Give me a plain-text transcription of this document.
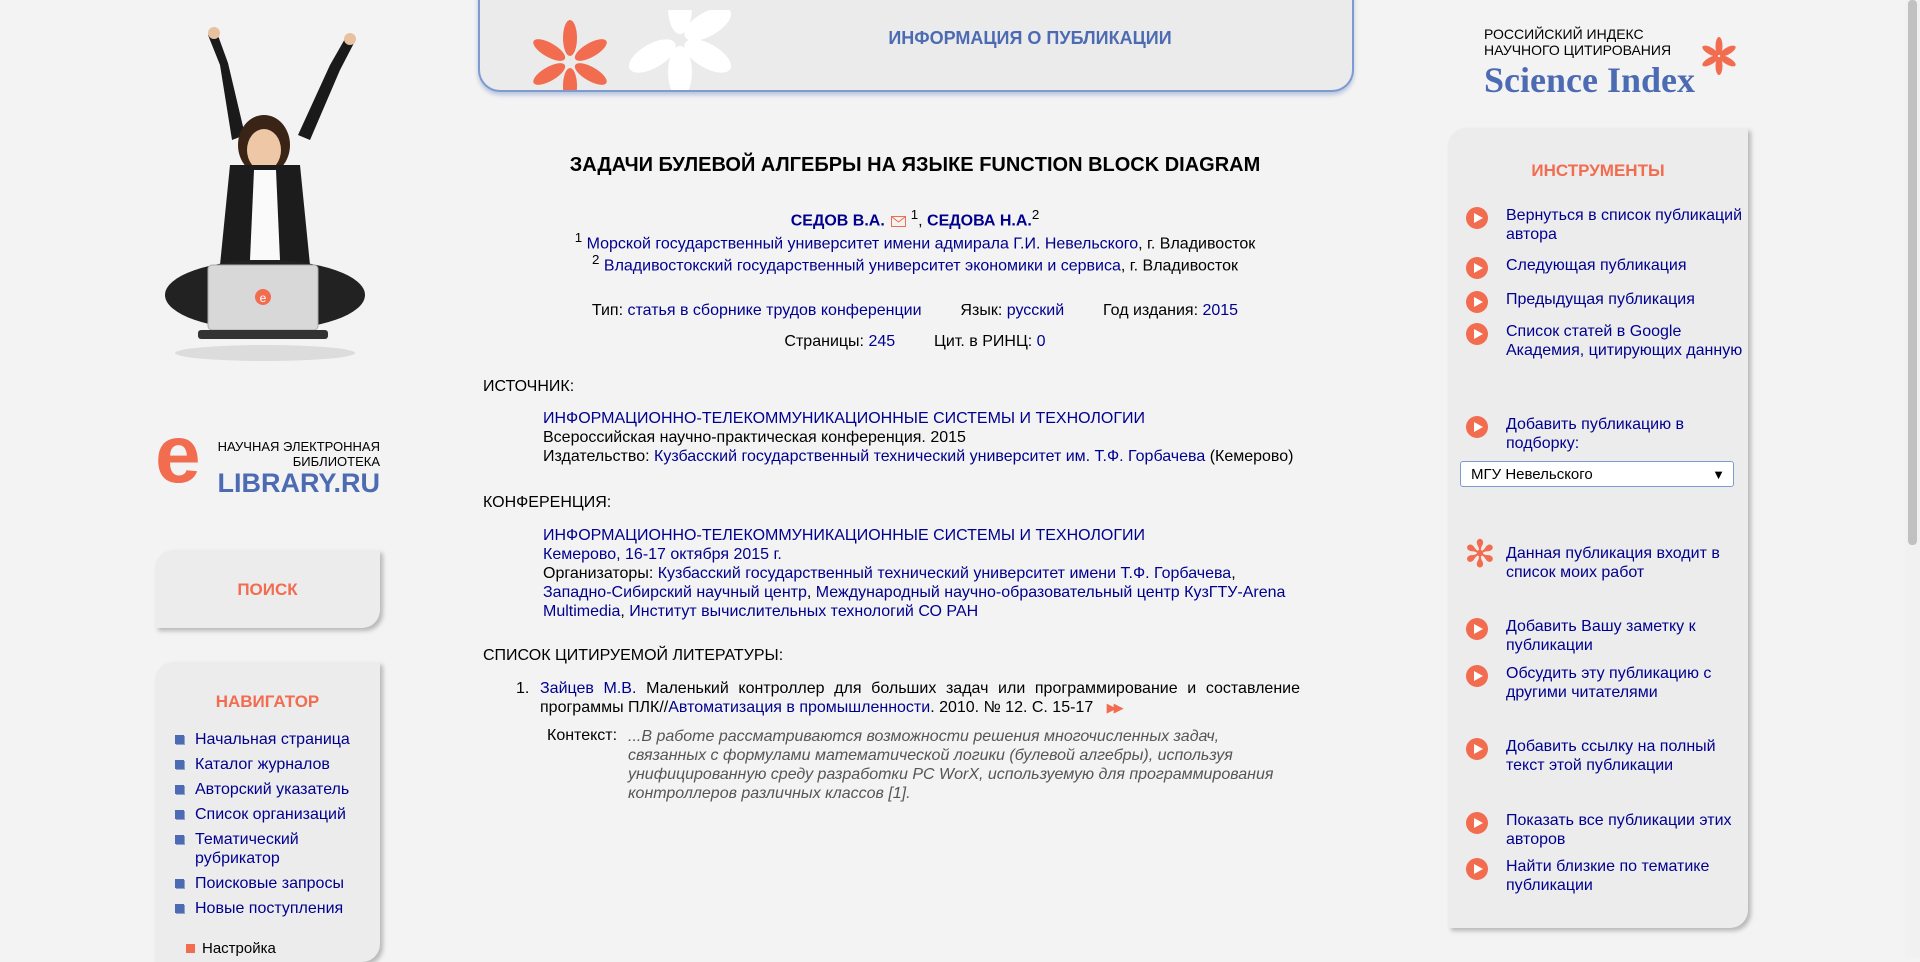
e
e НАУЧНАЯ ЭЛЕКТРОННАЯ
БИБЛИОТЕКА
LIBRARY.RU
ПОИСК
НАВИГАТОР
Начальная страница
Каталог журналов
Авторский указатель
Список организаций
Тематический рубрикатор
Поисковые запросы
Новые поступления
Настройка
ИНФОРМАЦИЯ О ПУБЛИКАЦИИ
ЗАДАЧИ БУЛЕВОЙ АЛГЕБРЫ НА ЯЗЫКЕ FUNCTION BLOCK DIAGRAM
СЕДОВ В.А. $^1$, СЕДОВА Н.А.$^2$
$^1$ Морской государственный университет имени адмирала Г.И. Невельского, г. Владивосток
$^2$ Владивостокский государственный университет экономики и сервиса, г. Владивосток
Тип: статья в сборнике трудов конференции Язык: русский Год издания: 2015
Страницы: 245 Цит. в РИНЦ: 0
ИСТОЧНИК:
ИНФОРМАЦИОННО-ТЕЛЕКОММУНИКАЦИОННЫЕ СИСТЕМЫ И ТЕХНОЛОГИИ
Всероссийская научно-практическая конференция. 2015
Издательство: Кузбасский государственный технический университет им. Т.Ф. Горбачева (Кемерово)
КОНФЕРЕНЦИЯ:
ИНФОРМАЦИОННО-ТЕЛЕКОММУНИКАЦИОННЫЕ СИСТЕМЫ И ТЕХНОЛОГИИ
Кемерово, 16-17 октября 2015 г.
Организаторы: Кузбасский государственный технический университет имени Т.Ф. Горбачева, Западно-Сибирский научный центр, Международный научно-образовательный центр КузГТУ-Arena Multimedia, Институт вычислительных технологий СО РАН
СПИСОК ЦИТИРУЕМОЙ ЛИТЕРАТУРЫ:
1. Зайцев М.В. Маленький контроллер для больших задач или программирование и составление программы ПЛК//Автоматизация в промышленности. 2010. № 12. С. 15-17 ▶▶
Контекст: ...В работе рассматриваются возможности решения многочисленных задач, связанных с формулами математической логики (булевой алгебры), используя унифицированную среду разработки PC WorX, используемую для программирования контроллеров различных классов [1].
РОССИЙСКИЙ ИНДЕКС
НАУЧНОГО ЦИТИРОВАНИЯ
Science Index
ИНСТРУМЕНТЫ
Вернуться в список публикаций автора
Следующая публикация
Предыдущая публикация
Список статей в Google Академия, цитирующих данную
Добавить публикацию в подборку:
МГУ Невельского	▼
✻ Данная публикация входит в список моих работ
Добавить Вашу заметку к публикации
Обсудить эту публикацию с другими читателями
Добавить ссылку на полный текст этой публикации
Показать все публикации этих авторов
Найти близкие по тематике публикации
